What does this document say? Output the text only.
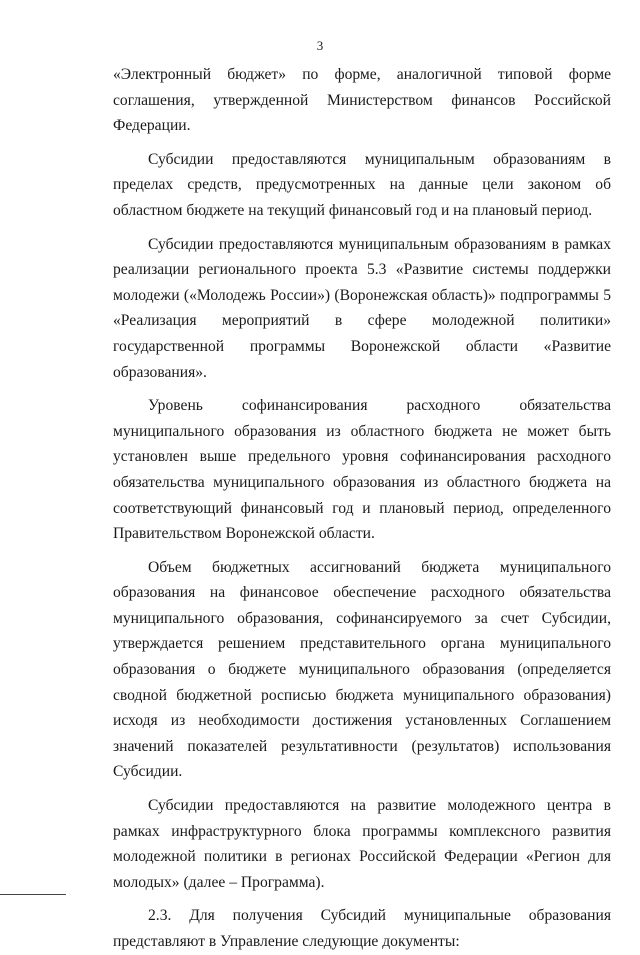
3

«Электронный бюджет» по форме, аналогичной типовой форме соглашения, утвержденной Министерством финансов Российской Федерации.

Субсидии предоставляются муниципальным образованиям в пределах средств, предусмотренных на данные цели законом об областном бюджете на текущий финансовый год и на плановый период.

Субсидии предоставляются муниципальным образованиям в рамках реализации регионального проекта 5.3 «Развитие системы поддержки молодежи («Молодежь России») (Воронежская область)» подпрограммы 5 «Реализация мероприятий в сфере молодежной политики» государственной программы Воронежской области «Развитие образования».

Уровень софинансирования расходного обязательства муниципального образования из областного бюджета не может быть установлен выше предельного уровня софинансирования расходного обязательства муниципального образования из областного бюджета на соответствующий финансовый год и плановый период, определенного Правительством Воронежской области.

Объем бюджетных ассигнований бюджета муниципального образования на финансовое обеспечение расходного обязательства муниципального образования, софинансируемого за счет Субсидии, утверждается решением представительного органа муниципального образования о бюджете муниципального образования (определяется сводной бюджетной росписью бюджета муниципального образования) исходя из необходимости достижения установленных Соглашением значений показателей результативности (результатов) использования Субсидии.

Субсидии предоставляются на развитие молодежного центра в рамках инфраструктурного блока программы комплексного развития молодежной политики в регионах Российской Федерации «Регион для молодых» (далее – Программа).

2.3. Для получения Субсидий муниципальные образования представляют в Управление следующие документы:
